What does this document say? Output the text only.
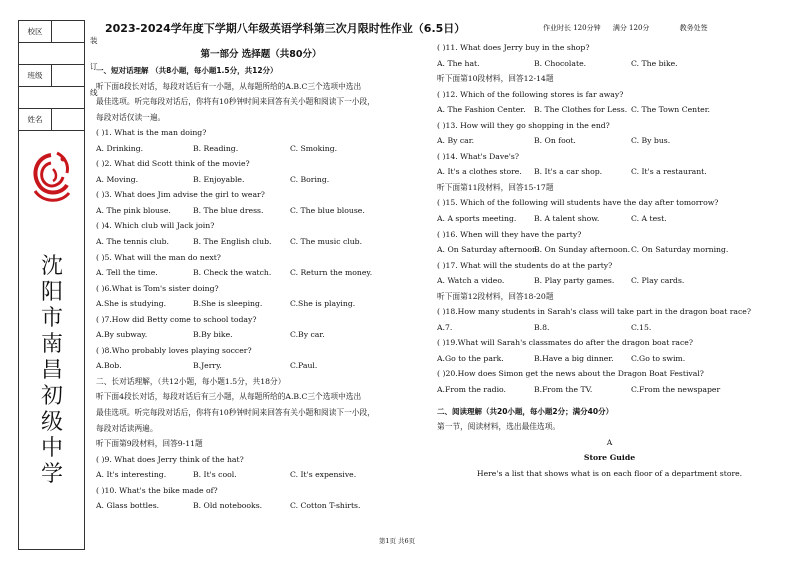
2023-2024学年度下学期八年级英语学科第三次月限时性作业（6.5日）	作业时长 120分钟 满分 120分	教务处签
校区
班级
姓名
沈
阳
市
南
昌
初
级
中
学
装
订
线

第一部分 选择题（共80分）

一、短对话理解 （共8小题，每小题1.5分，共12分）

听下面8段长对话，每段对话后有一小题，从每题所给的A.B.C三个选项中选出

最佳选项。听完每段对话后，你将有10秒钟时间来回答有关小题和阅读下一小段，

每段对话仅读一遍。

( )1. What is the man doing?

A. Drinking.	B. Reading.	C. Smoking.

( )2. What did Scott think of the movie?

A. Moving.	B. Enjoyable.	C. Boring.

( )3. What does Jim advise the girl to wear?

A. The pink blouse.	B. The blue dress.	C. The blue blouse.

( )4. Which club will Jack join?

A. The tennis club.	B. The English club.	C. The music club.

( )5. What will the man do next?

A. Tell the time.	B. Check the watch.	C. Return the money.

( )6.What is Tom's sister doing?

A.She is studying.	B.She is sleeping.	C.She is playing.

( )7.How did Betty come to school today?

A.By subway.	B.By bike.	C.By car.

( )8.Who probably loves playing soccer?

A.Bob.	B.Jerry.	C.Paul.

二、长对话理解，（共12小题，每小题1.5分，共18分）

听下面4段长对话，每段对话后有三小题，从每题所给的A.B.C三个选项中选出

最佳选项。听完每段对话后，你将有10秒钟时间来回答有关小题和阅读下一小段，

每段对话读两遍。

听下面第9段材料，回答9-11题

( )9. What does Jerry think of the hat?

A. It's interesting.	B. It's cool.	C. It's expensive.

( )10. What's the bike made of?

A. Glass bottles.	B. Old notebooks.	C. Cotton T-shirts.

( )11. What does Jerry buy in the shop?

A. The hat.	B. Chocolate.	C. The bike.

听下面第10段材料，回答12-14题

( )12. Which of the following stores is far away?

A. The Fashion Center.	B. The Clothes for Less. C. The Town Center.

( )13. How will they go shopping in the end?

A. By car.	B. On foot.	C. By bus.

( )14. What's Dave's?

A. It's a clothes store.	B. It's a car shop.	C. It's a restaurant.

听下面第11段材料，回答15-17题

( )15. Which of the following will students have the day after tomorrow?

A. A sports meeting.	B. A talent show.	C. A test.

( )16. When will they have the party?

A. On Saturday afternoon.
B. On Sunday afternoon. C. On Saturday morning.

( )17. What will the students do at the party?

A. Watch a video.	B. Play party games.	C. Play cards.

听下面第12段材料，回答18-20题

( )18.How many students in Sarah's class will take part in the dragon boat race?

A.7.	B.8.	C.15.

( )19.What will Sarah's classmates do after the dragon boat race?

A.Go to the park.	B.Have a big dinner.	C.Go to swim.

( )20.How does Simon get the news about the Dragon Boat Festival?

A.From the radio.	B.From the TV.	C.From the newspaper

二、阅读理解（共20小题，每小题2分；满分40分）

第一节，阅读材料，选出最佳选项。

A

Store Guide

Here's a list that shows what is on each floor of a department store.

第1页 共6页
